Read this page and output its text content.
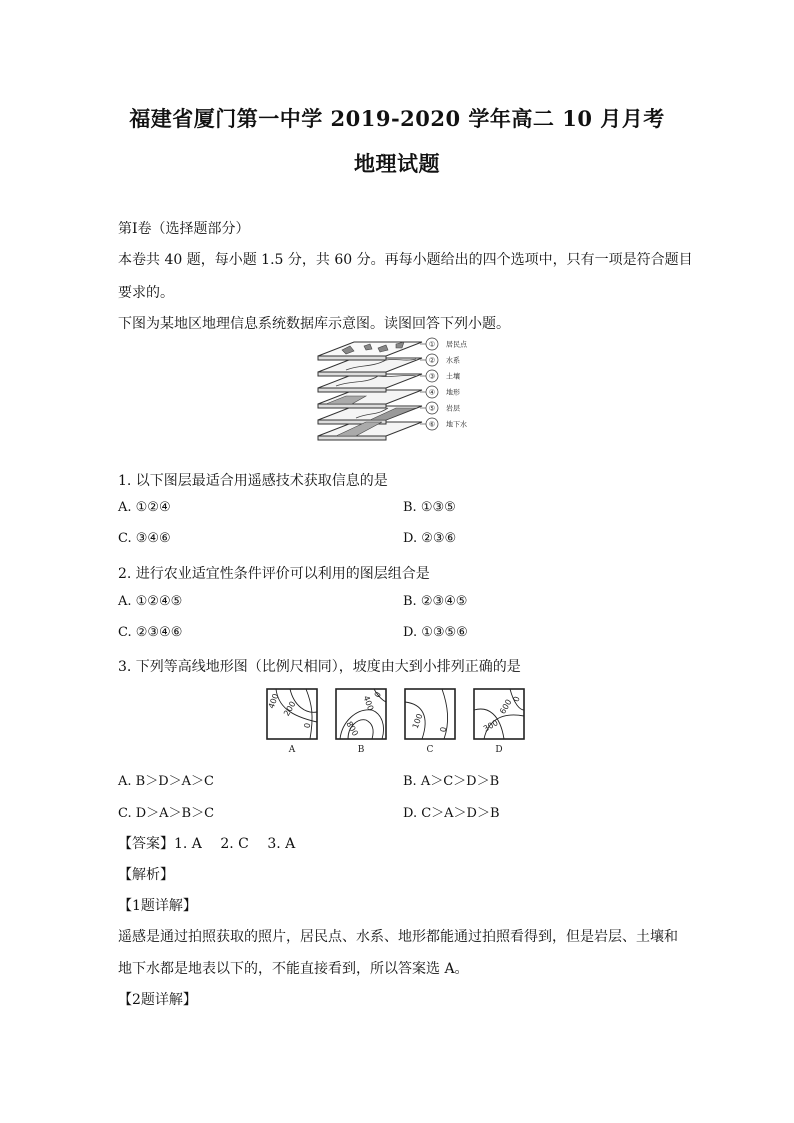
福建省厦门第一中学 2019-2020 学年高二 10 月月考
地理试题
第Ⅰ卷（选择题部分）
本卷共 40 题，每小题 1.5 分，共 60 分。再每小题给出的四个选项中，只有一项是符合题目
要求的。
下图为某地区地理信息系统数据库示意图。读图回答下列小题。
① 居民点
② 水系
③ 土壤
④ 地形
⑤ 岩层
⑥ 地下水
1. 以下图层最适合用遥感技术获取信息的是
A. ①②④	B. ①③⑤
C. ③④⑥	D. ②③⑥
2. 进行农业适宜性条件评价可以利用的图层组合是
A. ①②④⑤	B. ②③④⑤
C. ②③④⑥	D. ①③⑤⑥
3. 下列等高线地形图（比例尺相同），坡度由大到小排列正确的是
A
400 200
0
B
400
800
0
C
100 0
D
600
300
0
A. B＞D＞A＞C	B. A＞C＞D＞B
C. D＞A＞B＞C	D. C＞A＞D＞B
【答案】1. A　 2. C　 3. A
【解析】
【1题详解】
遥感是通过拍照获取的照片，居民点、水系、地形都能通过拍照看得到，但是岩层、土壤和
地下水都是地表以下的，不能直接看到，所以答案选 A。
【2题详解】
